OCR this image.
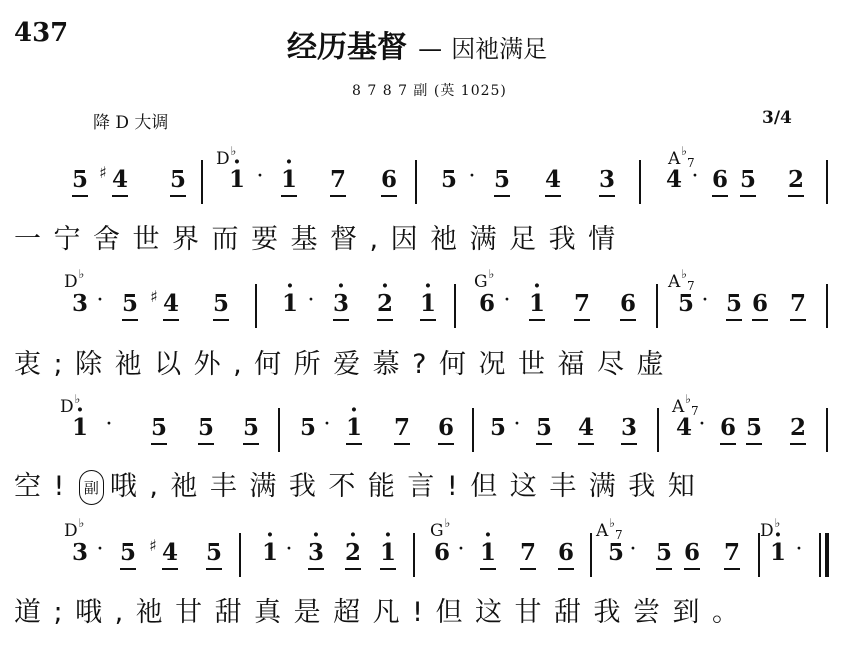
437	经历基督 — 因祂满足
8 7 8 7 副 (英 1025)
降 D 大调	3/4
D♭	$A^♭_7$
5 ♯ 4 5 · 1 · · 1 7 6 5 · 5 4 3 4 · 6 5 2
一宁舍世界而要基督,因祂满足我情
D♭	G♭	$A^♭_7$
3 · 5 ♯ 4 5 · 1 · · 3 · 2 · 1 6 · · 1 7 6 5 · 5 6 7
衷;除祂以外,何所爱慕?何况世福尽虚
D♭	$A^♭_7$
· 1 · 5 5 5 5 · · 1 7 6 5 · 5 4 3 4 · 6 5 2
空! 副 哦,祂丰满我不能言!但这丰满我知
D♭	G♭	$A^♭_7$	D♭
3 · 5 ♯ 4 5 · 1 · · 3 · 2 · 1 6 · · 1 7 6 5 · 5 6 7 · 1 ·
道;哦,祂甘甜真是超凡!但这甘甜我尝到。
